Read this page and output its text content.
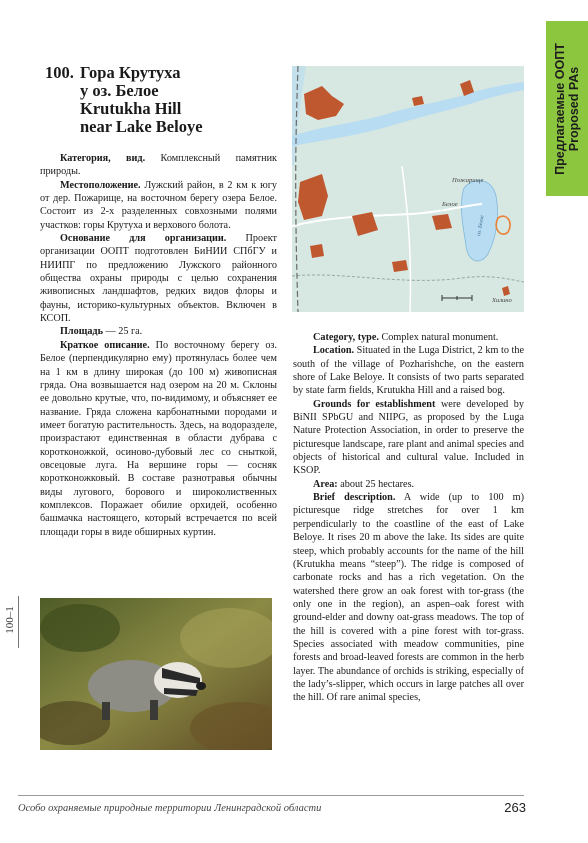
100. Гора Крутуха
у оз. Белое
Krutukha Hill
near Lake Beloye

Категория, вид. Комплексный памятник природы.

Местоположение. Лужский район, в 2 км к югу от дер. Пожарище, на восточном берегу озера Белое. Состоит из 2-х разделенных совхозными полями участков: горы Крутуха и верхового болота.

Основание для организации. Проект организации ООПТ подготовлен БиНИИ СПбГУ и НИИПГ по предложению Лужского районного общества охраны природы с целью сохранения живописных ландшафтов, редких видов флоры и фауны, историко-культурных объектов. Включен в КСОП.

Площадь — 25 га.

Краткое описание. По восточному берегу оз. Белое (перпендикулярно ему) протянулась более чем на 1 км в длину широкая (до 100 м) живописная гряда. Она возвышается над озером на 20 м. Склоны ее довольно крутые, что, по-видимому, и объясняет ее название. Гряда сложена карбонатными породами и имеет богатую растительность. Здесь, на водоразделе, произрастают единственная в области дубрава с коротконожкой, осиново-дубовый лес со сныткой, овсецовые луга. На вершине горы — сосняк коротконожковый. В составе разнотравья обычны виды лугового, борового и широколиственных комплексов. Поражает обилие орхидей, особенно башмачка настоящего, который встречается по всей площади горы в виде обширных куртин.

Пожарище
Белое
оз. Белое
Хилино

Category, type. Complex natural monument.

Location. Situated in the Luga District, 2 km to the south of the village of Pozharishche, on the eastern shore of Lake Beloye. It consists of two parts separated by state farm fields, Krutukha Hill and a raised bog.

Grounds for establishment were developed by BiNII SPbGU and NIIPG, as proposed by the Luga Nature Protection Association, in order to preserve the picturesque landscape, rare plant and animal species and objects of historical and cultural value. Included in KSOP.

Area: about 25 hectares.

Brief description. A wide (up to 100 m) picturesque ridge stretches for over 1 km perpendicularly to the coastline of the east of Lake Beloye. It rises 20 m above the lake. Its sides are quite steep, which probably accounts for the name of the hill (Krutukha means “steep”). The ridge is composed of carbonate rocks and has a rich vegetation. On the watershed there grow an oak forest with tor-grass (the only one in the region), an aspen–oak forest with ground-elder and downy oat-grass meadows. The top of the hill is covered with a pine forest with tor-grass. Species associated with meadow communities, pine forests and broad-leaved forests are common in the herb layer. The abundance of orchids is striking, especially of the lady’s-slipper, which occurs in large patches all over the hill. Of rare animal species,

Предлагаемые ООПТ Proposed PAs
100–1
Особо охраняемые природные территории Ленинградской области	263
